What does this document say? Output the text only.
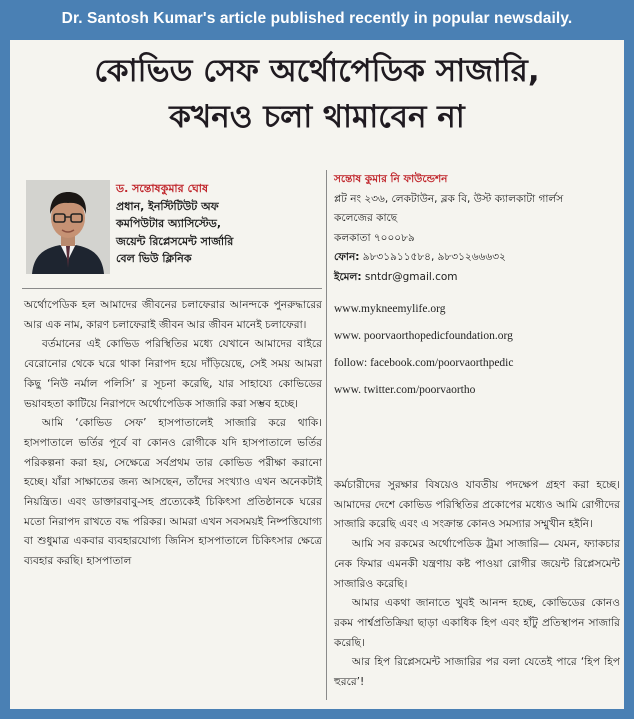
Dr. Santosh Kumar's article published recently in popular newsdaily.
কোভিড সেফ অর্থোপেডিক সাজারি,
কখনও চলা থামাবেন না
ড. সন্তোষকুমার ঘোষ
প্রধান, ইনস্টিটিউট অফ
কমপিউটার অ্যাসিস্টেড,
জয়েন্ট রিপ্লেসমেন্ট সার্জারি
বেল ভিউ ক্লিনিক
সন্তোষ কুমার নি ফাউন্ডেশন
প্লট নং ২৩৬, লেকটাউন, ব্লক বি, উস্ট ক্যালকাটা গার্লস
কলেজের কাছে
কলকাতা ৭০০০৮৯
ফোন: ৯৮৩১৯১১৫৮৪, ৯৮৩১২৬৬৬৩২
ইমেল: sntdr@gmail.com
www.mykneemylife.org
www. poorvaorthopedicfoundation.org
follow: facebook.com/poorvaorthpedic
www. twitter.com/poorvaortho

অর্থোপেডিক হল আমাদের জীবনের চলাফেরার আনন্দকে পুনরুদ্ধারের আর এক নাম, কারণ চলাফেরাই জীবন আর জীবন মানেই চলাফেরা।

বর্তমানের এই কোভিড পরিস্থিতির মধ্যে যেখানে আমাদের বাইরে বেরোনোর থেকে ঘরে থাকা নিরাপদ হয়ে দাঁড়িয়েছে, সেই সময় আমরা কিছু ‘নিউ নর্মাল পলিসি’ র সূচনা করেছি, যার সাহায্যে কোভিডের ভয়াবহতা কাটিয়ে নিরাপদে অর্থোপেডিক সাজারি করা সম্ভব হচ্ছে।

আমি ‘কোভিড সেফ’ হাসপাতালেই সাজারি করে থাকি। হাসপাতালে ভর্তির পূর্বে বা কোনও রোগীকে যদি হাসপাতালে ভর্তির পরিকল্পনা করা হয়, সেক্ষেত্রে সর্বপ্রথম তার কোভিড পরীক্ষা করানো হচ্ছে। যাঁরা সাক্ষাতের জন্য আসছেন, তাঁদের সংখ্যাও এখন অনেকটাই নিয়ন্ত্রিত। এবং ডাক্তারবাবু-সহ প্রত্যেকেই চিকিৎসা প্রতিষ্ঠানকে ঘরের মতো নিরাপদ রাখতে বদ্ধ পরিকর। আমরা এখন সবসময়ই নিষ্পত্তিযোগ্য বা শুধুমাত্র একবার ব্যবহারযোগ্য জিনিস হাসপাতালে চিকিৎসার ক্ষেত্রে ব্যবহার করছি। হাসপাতাল

কর্মচারীদের সুরক্ষার বিষয়েও যাবতীয় পদক্ষেপ গ্রহণ করা হচ্ছে। আমাদের দেশে কোভিড পরিস্থিতির প্রকোপের মধ্যেও আমি রোগীদের সাজারি করেছি এবং এ সংক্রান্ত কোনও সমস্যার সম্মুখীন হইনি।

আমি সব রকমের অর্থোপেডিক ট্রমা সাজারি— যেমন, ফ্যাকচার নেক ফিমার এমনকী যন্ত্রণায় কষ্ট পাওয়া রোগীর জয়েন্ট রিপ্লেসমেন্ট সাজারিও করেছি।

আমার একথা জানাতে খুবই আনন্দ হচ্ছে, কোভিডের কোনও রকম পার্শ্বপ্রতিক্রিয়া ছাড়া একাধিক হিপ এবং হাঁটু প্রতিস্থাপন সাজারি করেছি।

আর হিপ রিপ্লেসমেন্ট সাজারির পর বলা যেতেই পারে ‘হিপ হিপ হুররে’!
